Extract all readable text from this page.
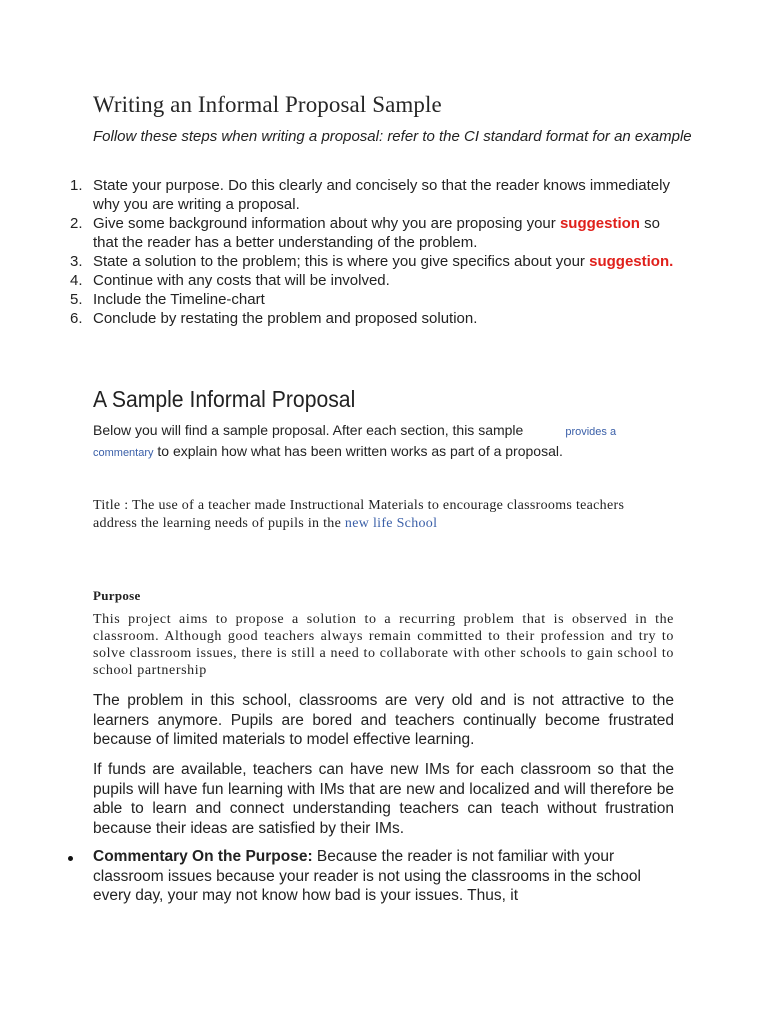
Writing an Informal Proposal Sample
Follow these steps when writing a proposal: refer to the CI standard format for an example
1. State your purpose. Do this clearly and concisely so that the reader knows immediately why you are writing a proposal.
2. Give some background information about why you are proposing your suggestion so that the reader has a better understanding of the problem.
3. State a solution to the problem; this is where you give specifics about your suggestion.
4. Continue with any costs that will be involved.
5. Include the Timeline-chart
6. Conclude by restating the problem and proposed solution.
A Sample Informal Proposal
Below you will find a sample proposal. After each section, this sample	provides a
commentary to explain how what has been written works as part of a proposal.
Title : The use of a teacher made Instructional Materials to encourage classrooms teachers address the learning needs of pupils in the new life School
Purpose
This project aims to propose a solution to a recurring problem that is observed in the classroom. Although good teachers always remain committed to their profession and try to solve classroom issues, there is still a need to collaborate with other schools to gain school to school partnership
The problem in this school, classrooms are very old and is not attractive to the learners anymore. Pupils are bored and teachers continually become frustrated because of limited materials to model effective learning.
If funds are available, teachers can have new IMs for each classroom so that the pupils will have fun learning with IMs that are new and localized and will therefore be able to learn and connect understanding teachers can teach without frustration because their ideas are satisfied by their IMs.
Commentary On the Purpose: Because the reader is not familiar with your classroom issues because your reader is not using the classrooms in the school every day, your may not know how bad is your issues. Thus, it
